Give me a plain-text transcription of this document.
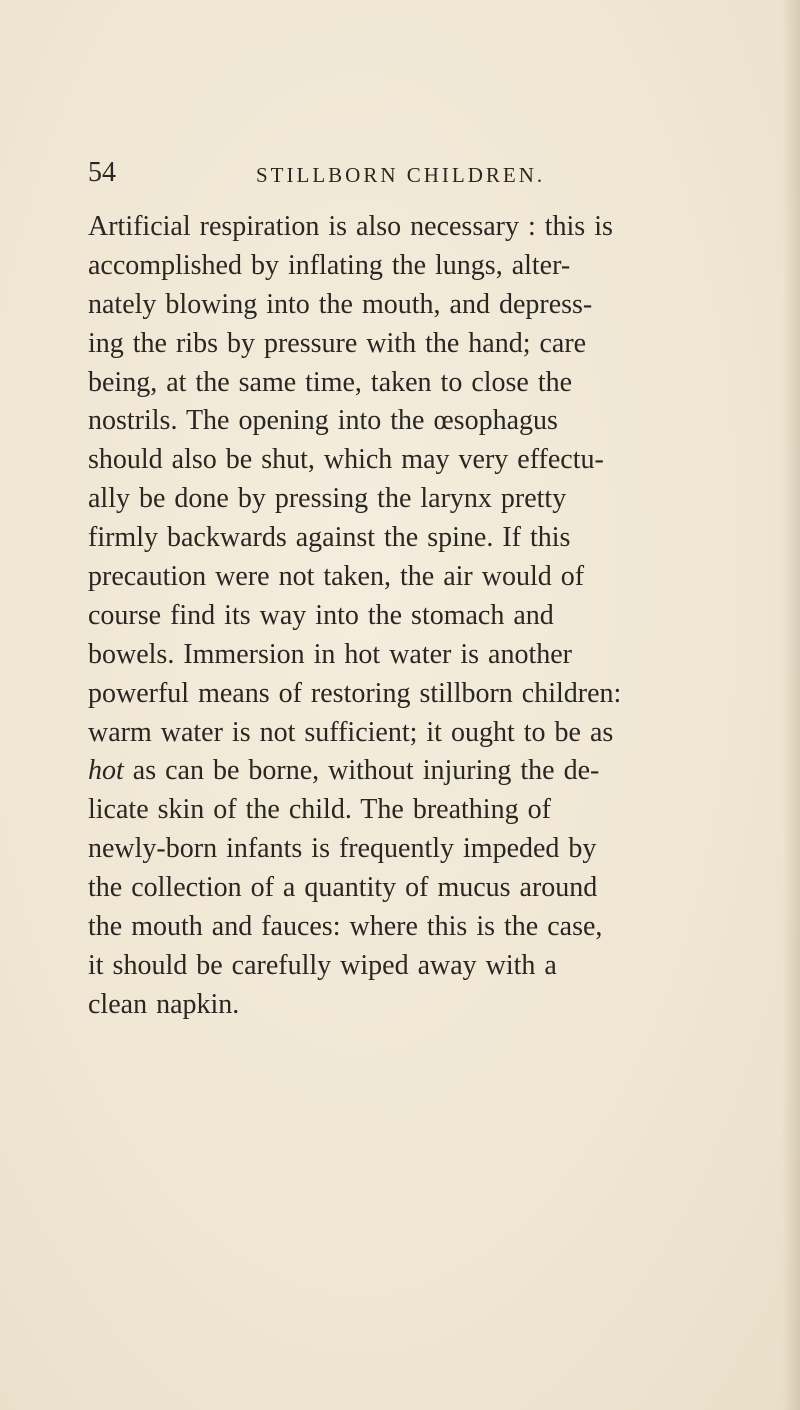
54	STILLBORN CHILDREN.
Artificial respiration is also necessary : this is
accomplished by inflating the lungs, alter-
nately blowing into the mouth, and depress-
ing the ribs by pressure with the hand; care
being, at the same time, taken to close the
nostrils. The opening into the œsophagus
should also be shut, which may very effectu-
ally be done by pressing the larynx pretty
firmly backwards against the spine. If this
precaution were not taken, the air would of
course find its way into the stomach and
bowels. Immersion in hot water is another
powerful means of restoring stillborn children:
warm water is not sufficient; it ought to be as
hot as can be borne, without injuring the de-
licate skin of the child. The breathing of
newly-born infants is frequently impeded by
the collection of a quantity of mucus around
the mouth and fauces: where this is the case,
it should be carefully wiped away with a
clean napkin.
